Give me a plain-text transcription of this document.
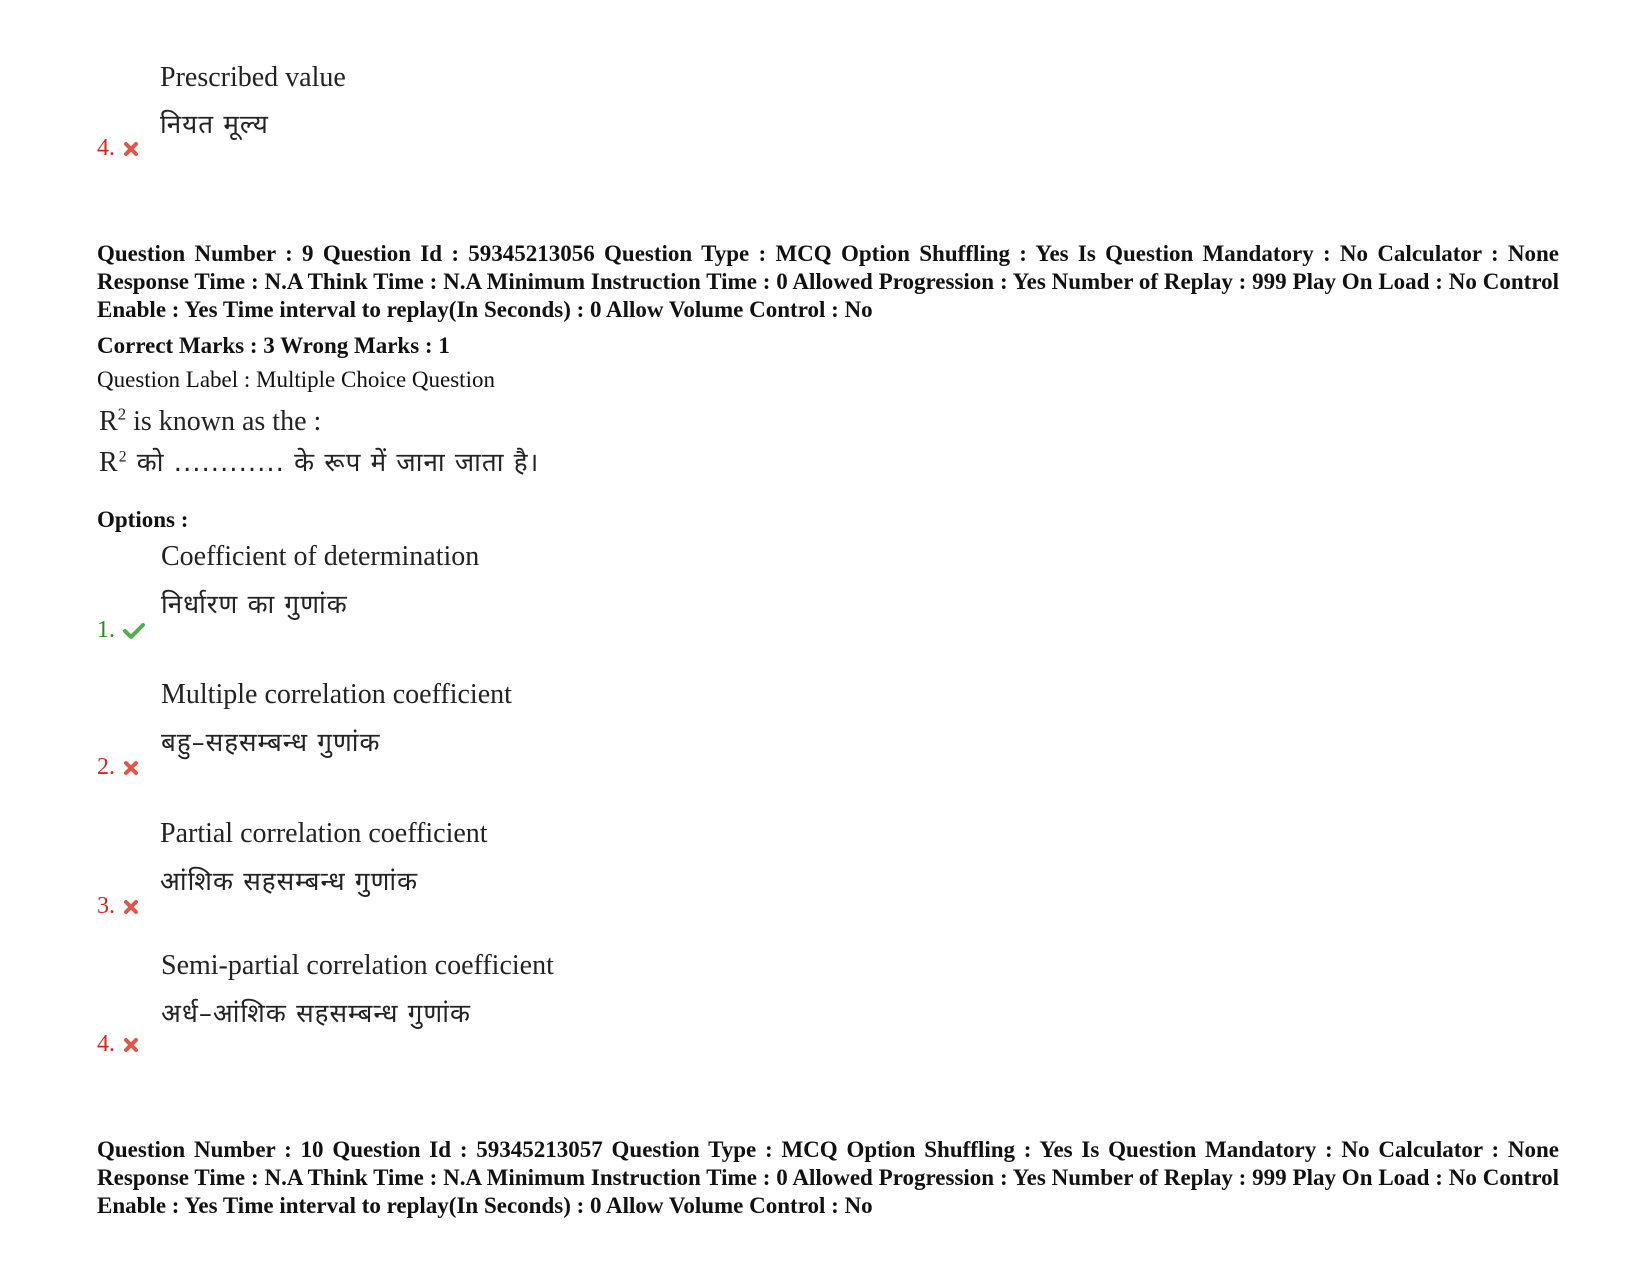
Prescribed value
नियत मूल्य
4.
Question Number : 9 Question Id : 59345213056 Question Type : MCQ Option Shuffling : Yes Is Question Mandatory : No Calculator : None Response Time : N.A Think Time : N.A Minimum Instruction Time : 0 Allowed Progression : Yes Number of Replay : 999 Play On Load : No Control Enable : Yes Time interval to replay(In Seconds) : 0 Allow Volume Control : No
Correct Marks : 3 Wrong Marks : 1
Question Label : Multiple Choice Question
$R^2$ is known as the :
$R^2$ को ............ के रूप में जाना जाता है।
Options :
Coefficient of determination
निर्धारण का गुणांक
1.
Multiple correlation coefficient
बहु–सहसम्बन्ध गुणांक
2.
Partial correlation coefficient
आंशिक सहसम्बन्ध गुणांक
3.
Semi-partial correlation coefficient
अर्ध–आंशिक सहसम्बन्ध गुणांक
4.
Question Number : 10 Question Id : 59345213057 Question Type : MCQ Option Shuffling : Yes Is Question Mandatory : No Calculator : None Response Time : N.A Think Time : N.A Minimum Instruction Time : 0 Allowed Progression : Yes Number of Replay : 999 Play On Load : No Control Enable : Yes Time interval to replay(In Seconds) : 0 Allow Volume Control : No
